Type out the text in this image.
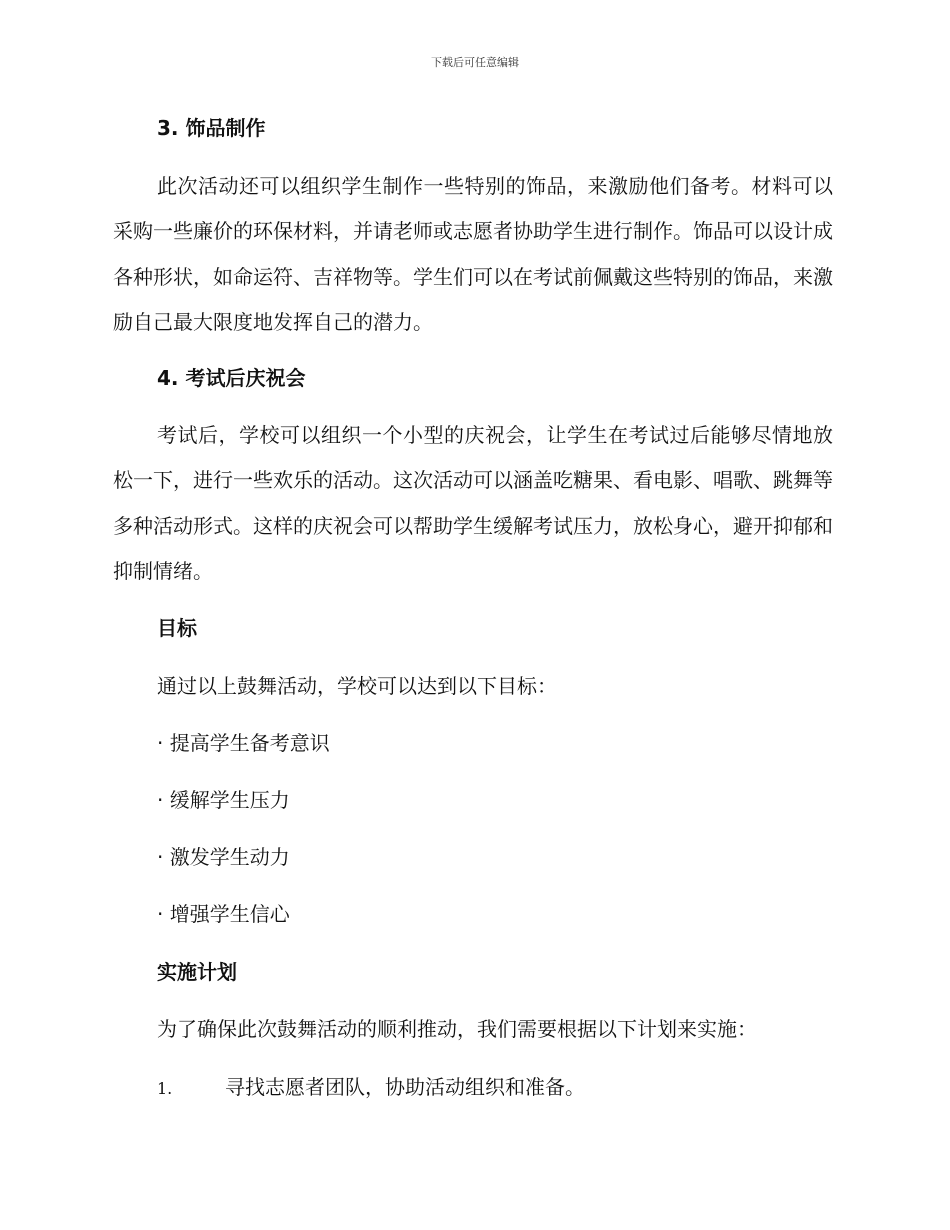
下载后可任意编辑
3. 饰品制作
此次活动还可以组织学生制作一些特别的饰品，来激励他们备考。材料可以采购一些廉价的环保材料，并请老师或志愿者协助学生进行制作。饰品可以设计成各种形状，如命运符、吉祥物等。学生们可以在考试前佩戴这些特别的饰品，来激励自己最大限度地发挥自己的潜力。
4. 考试后庆祝会
考试后，学校可以组织一个小型的庆祝会，让学生在考试过后能够尽情地放松一下，进行一些欢乐的活动。这次活动可以涵盖吃糖果、看电影、唱歌、跳舞等多种活动形式。这样的庆祝会可以帮助学生缓解考试压力，放松身心，避开抑郁和抑制情绪。
目标
通过以上鼓舞活动，学校可以达到以下目标：
· 提高学生备考意识
· 缓解学生压力
· 激发学生动力
· 增强学生信心
实施计划
为了确保此次鼓舞活动的顺利推动，我们需要根据以下计划来实施：
1.	寻找志愿者团队，协助活动组织和准备。
